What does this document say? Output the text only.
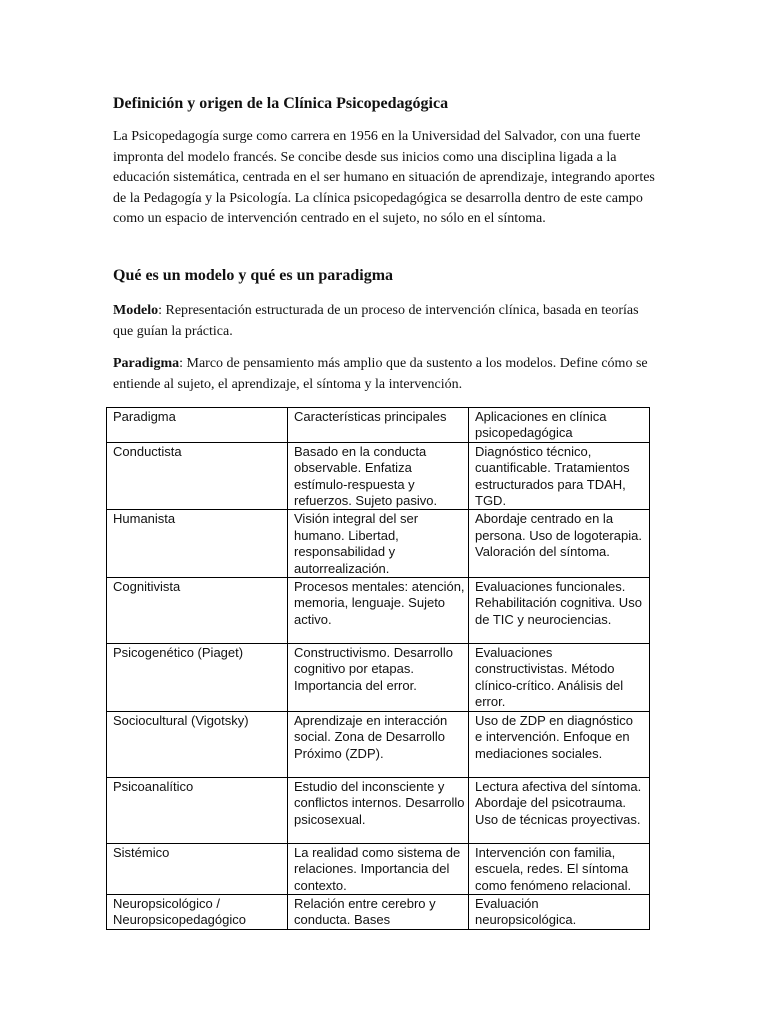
Definición y origen de la Clínica Psicopedagógica

La Psicopedagogía surge como carrera en 1956 en la Universidad del Salvador, con una fuerte impronta del modelo francés. Se concibe desde sus inicios como una disciplina ligada a la educación sistemática, centrada en el ser humano en situación de aprendizaje, integrando aportes de la Pedagogía y la Psicología. La clínica psicopedagógica se desarrolla dentro de este campo como un espacio de intervención centrado en el sujeto, no sólo en el síntoma.

Qué es un modelo y qué es un paradigma

Modelo: Representación estructurada de un proceso de intervención clínica, basada en teorías que guían la práctica.

Paradigma: Marco de pensamiento más amplio que da sustento a los modelos. Define cómo se entiende al sujeto, el aprendizaje, el síntoma y la intervención.

Paradigma	Características principales	Aplicaciones en clínica psicopedagógica
Conductista	Basado en la conducta observable. Enfatiza estímulo-respuesta y refuerzos. Sujeto pasivo.	Diagnóstico técnico, cuantificable. Tratamientos estructurados para TDAH, TGD.
Humanista	Visión integral del ser humano. Libertad, responsabilidad y autorrealización.	Abordaje centrado en la persona. Uso de logoterapia. Valoración del síntoma.
Cognitivista	Procesos mentales: atención, memoria, lenguaje. Sujeto activo.	Evaluaciones funcionales. Rehabilitación cognitiva. Uso de TIC y neurociencias.
Psicogenético (Piaget)	Constructivismo. Desarrollo cognitivo por etapas. Importancia del error.	Evaluaciones constructivistas. Método clínico-crítico. Análisis del error.
Sociocultural (Vigotsky)	Aprendizaje en interacción social. Zona de Desarrollo Próximo (ZDP).	Uso de ZDP en diagnóstico e intervención. Enfoque en mediaciones sociales.
Psicoanalítico	Estudio del inconsciente y conflictos internos. Desarrollo psicosexual.	Lectura afectiva del síntoma. Abordaje del psicotrauma. Uso de técnicas proyectivas.
Sistémico	La realidad como sistema de relaciones. Importancia del contexto.	Intervención con familia, escuela, redes. El síntoma como fenómeno relacional.
Neuropsicológico / Neuropsicopedagógico	Relación entre cerebro y conducta. Bases	Evaluación neuropsicológica.
